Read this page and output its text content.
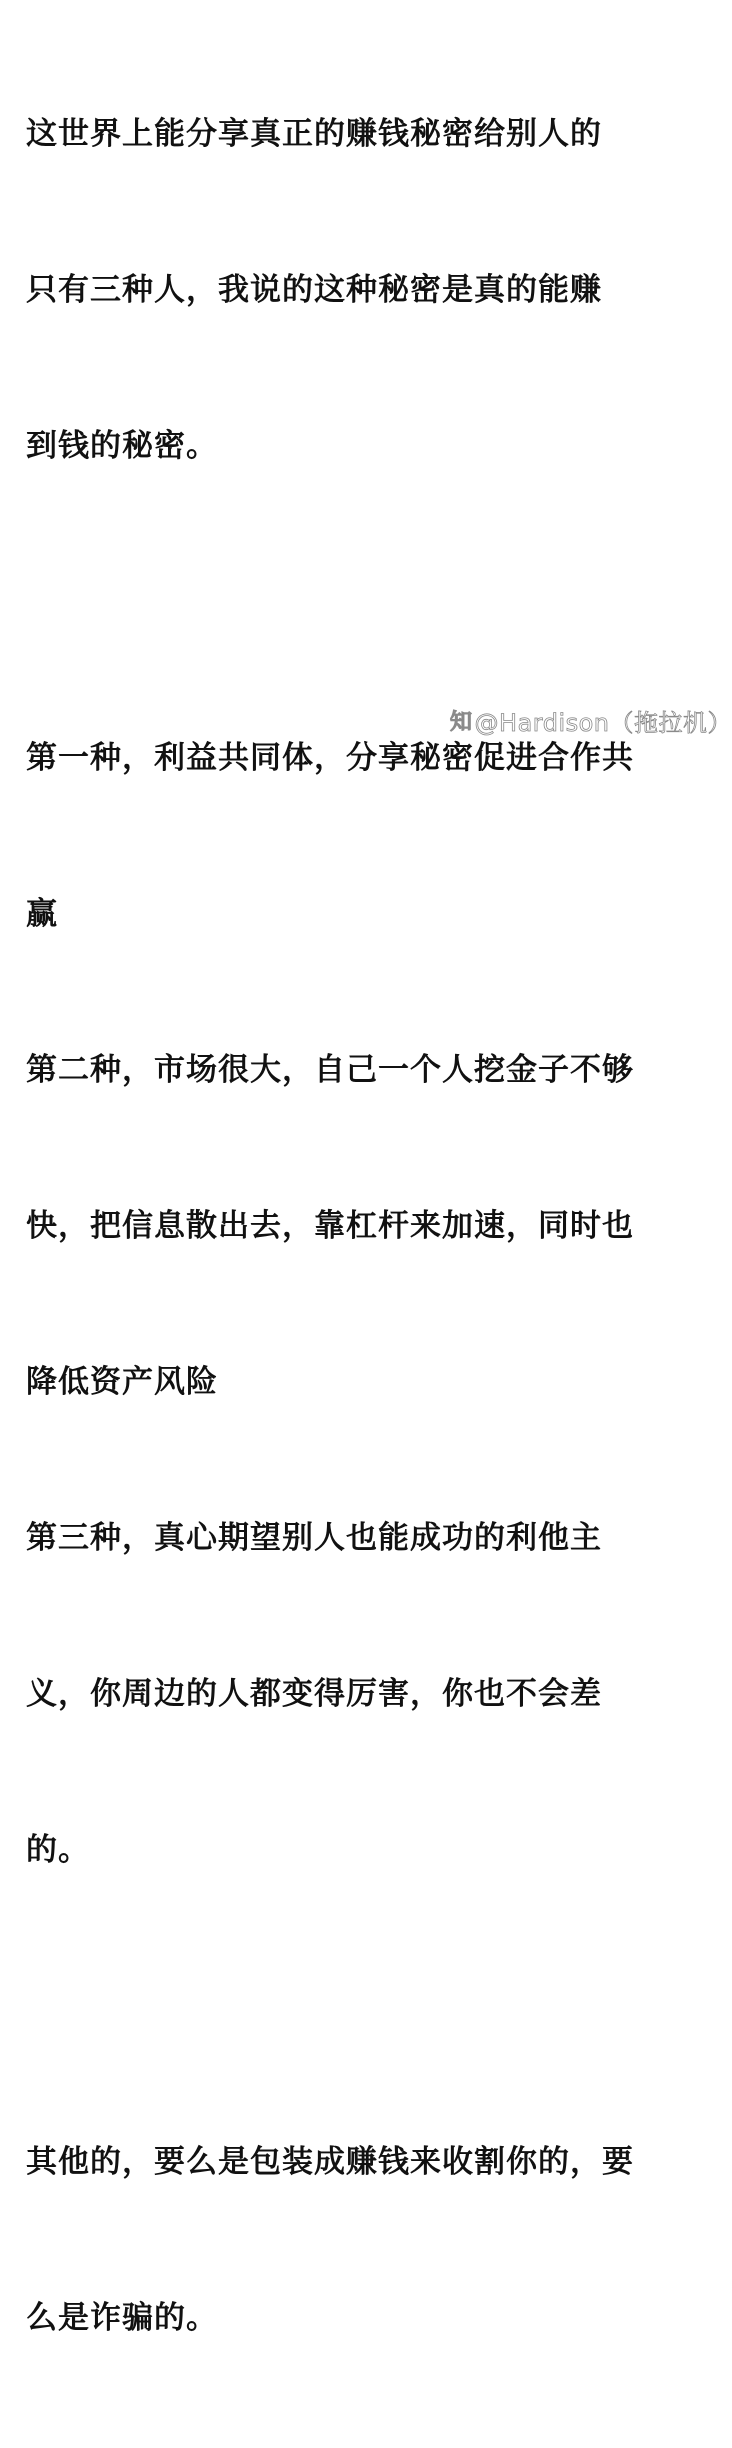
这世界上能分享真正的赚钱秘密给别人的

只有三种人，我说的这种秘密是真的能赚

到钱的秘密。

第一种，利益共同体，分享秘密促进合作共

赢

第二种，市场很大，自己一个人挖金子不够

快，把信息散出去，靠杠杆来加速，同时也

降低资产风险

第三种，真心期望别人也能成功的利他主

义，你周边的人都变得厉害，你也不会差

的。

其他的，要么是包装成赚钱来收割你的，要

么是诈骗的。

知 @Hardison（拖拉机）
